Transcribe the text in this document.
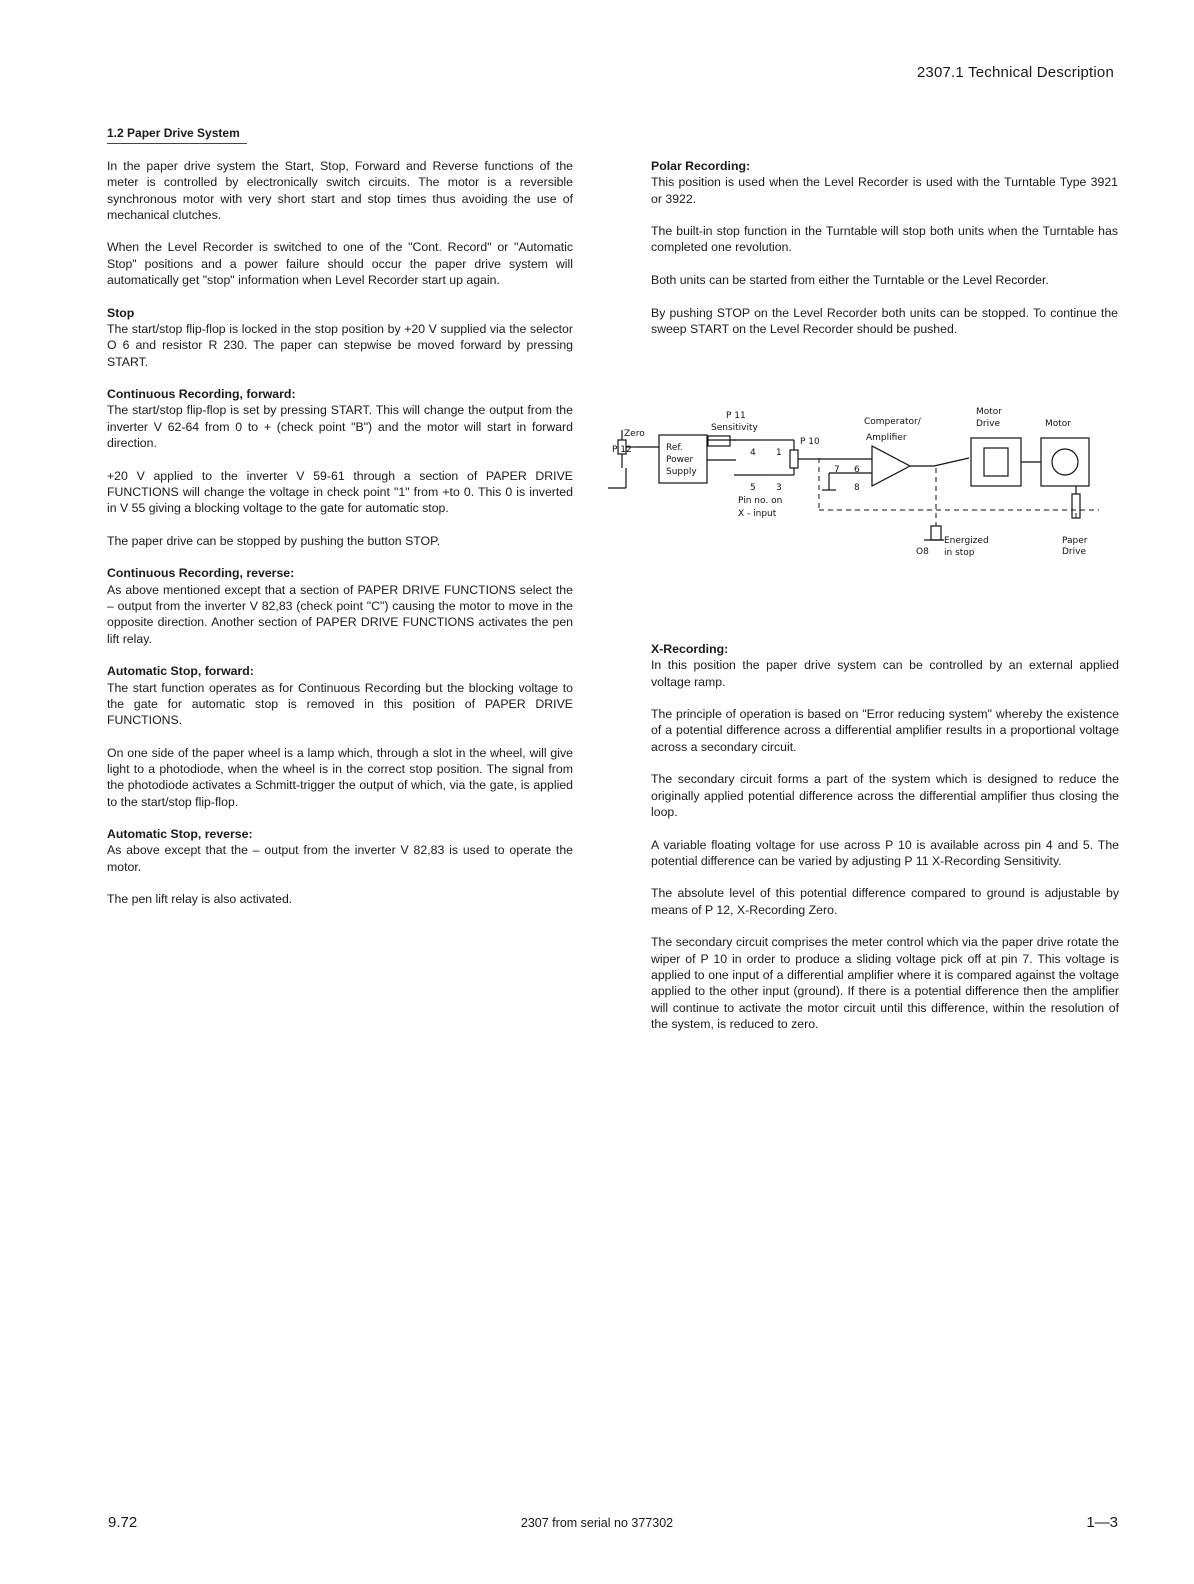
2307.1 Technical Description
1.2 Paper Drive System

In the paper drive system the Start, Stop, Forward and Reverse functions of the meter is controlled by electronically switch circuits. The motor is a reversible synchronous motor with very short start and stop times thus avoiding the use of mechanical clutches.

When the Level Recorder is switched to one of the "Cont. Record" or "Automatic Stop" positions and a power failure should occur the paper drive system will automatically get "stop" information when Level Recorder start up again.

Stop

The start/stop flip-flop is locked in the stop position by +20 V supplied via the selector O 6 and resistor R 230. The paper can stepwise be moved forward by pressing START.

Continuous Recording, forward:

The start/stop flip-flop is set by pressing START. This will change the output from the inverter V 62-64 from 0 to + (check point "B") and the motor will start in forward direction.

+20 V applied to the inverter V 59-61 through a section of PAPER DRIVE FUNCTIONS will change the voltage in check point "1" from +to 0. This 0 is inverted in V 55 giving a blocking voltage to the gate for automatic stop.

The paper drive can be stopped by pushing the button STOP.

Continuous Recording, reverse:

As above mentioned except that a section of PAPER DRIVE FUNCTIONS select the – output from the inverter V 82,83 (check point "C") causing the motor to move in the opposite direction. Another section of PAPER DRIVE FUNCTIONS activates the pen lift relay.

Automatic Stop, forward:

The start function operates as for Continuous Recording but the blocking voltage to the gate for automatic stop is removed in this position of PAPER DRIVE FUNCTIONS.

On one side of the paper wheel is a lamp which, through a slot in the wheel, will give light to a photodiode, when the wheel is in the correct stop position. The signal from the photodiode activates a Schmitt-trigger the output of which, via the gate, is applied to the start/stop flip-flop.

Automatic Stop, reverse:

As above except that the – output from the inverter V 82,83 is used to operate the motor.

The pen lift relay is also activated.

Polar Recording:

This position is used when the Level Recorder is used with the Turntable Type 3921 or 3922.

The built-in stop function in the Turntable will stop both units when the Turntable has completed one revolution.

Both units can be started from either the Turntable or the Level Recorder.

By pushing STOP on the Level Recorder both units can be stopped. To continue the sweep START on the Level Recorder should be pushed.

P 11
Sensitivity
Zero
P 12	Ref.
Power
Supply
P 10
4 1
5 3
7 6
8
Pin no. on
X - input
Comperator/
Amplifier
Motor
Drive	Motor
Energized
O8 in stop
Paper
Drive
X-Recording:

In this position the paper drive system can be controlled by an external applied voltage ramp.

The principle of operation is based on "Error reducing system" whereby the existence of a potential difference across a differential amplifier results in a proportional voltage across a secondary circuit.

The secondary circuit forms a part of the system which is designed to reduce the originally applied potential difference across the differential amplifier thus closing the loop.

A variable floating voltage for use across P 10 is available across pin 4 and 5. The potential difference can be varied by adjusting P 11 X-Recording Sensitivity.

The absolute level of this potential difference compared to ground is adjustable by means of P 12, X-Recording Zero.

The secondary circuit comprises the meter control which via the paper drive rotate the wiper of P 10 in order to produce a sliding voltage pick off at pin 7. This voltage is applied to one input of a differential amplifier where it is compared against the voltage applied to the other input (ground). If there is a potential difference then the amplifier will continue to activate the motor circuit until this difference, within the resolution of the system, is reduced to zero.

9.72	2307 from serial no 377302	1—3
